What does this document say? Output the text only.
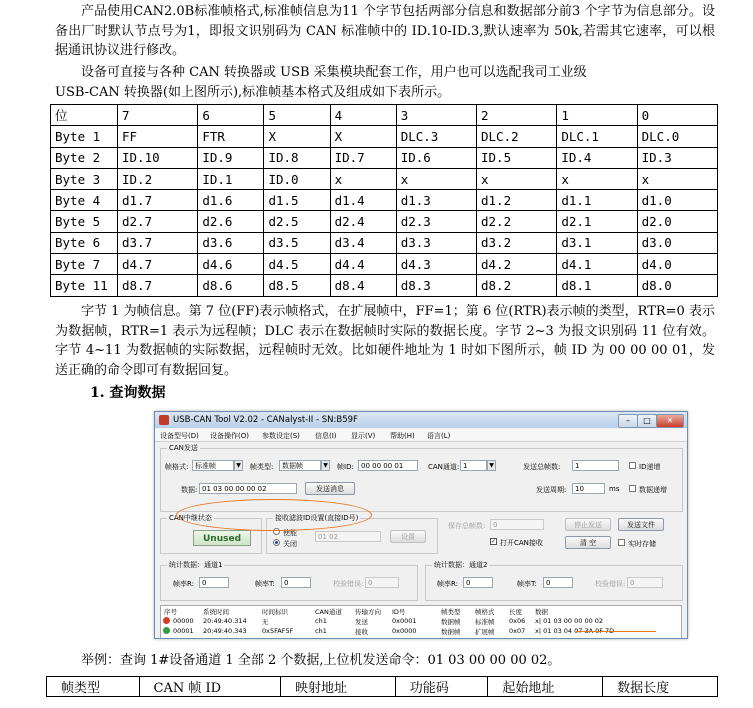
产品使用CAN2.0B标准帧格式,标准帧信息为11 个字节包括两部分信息和数据部分前3 个字节为信息部分。设备出厂时默认节点号为1，即报文识别码为 CAN 标准帧中的 ID.10-ID.3,默认速率为 50k,若需其它速率，可以根据通讯协议进行修改。

设备可直接与各种 CAN 转换器或 USB 采集模块配套工作，用户也可以选配我司工业级
USB-CAN 转换器(如上图所示),标准帧基本格式及组成如下表所示。
位	7	6	5	4	3	2	1	0
Byte 1	FF	FTR	X	X	DLC.3	DLC.2	DLC.1	DLC.0
Byte 2	ID.10	ID.9	ID.8	ID.7	ID.6	ID.5	ID.4	ID.3
Byte 3	ID.2	ID.1	ID.0	x	x	x	x	x
Byte 4	d1.7	d1.6	d1.5	d1.4	d1.3	d1.2	d1.1	d1.0
Byte 5	d2.7	d2.6	d2.5	d2.4	d2.3	d2.2	d2.1	d2.0
Byte 6	d3.7	d3.6	d3.5	d3.4	d3.3	d3.2	d3.1	d3.0
Byte 7	d4.7	d4.6	d4.5	d4.4	d4.3	d4.2	d4.1	d4.0
Byte 11	d8.7	d8.6	d8.5	d8.4	d8.3	d8.2	d8.1	d8.0

字节 1 为帧信息。第 7 位(FF)表示帧格式，在扩展帧中，FF=1；第 6 位(RTR)表示帧的类型，RTR=0 表示为数据帧，RTR=1 表示为远程帧；DLC 表示在数据帧时实际的数据长度。字节 2~3 为报文识别码 11 位有效。字节 4~11 为数据帧的实际数据，远程帧时无效。比如硬件地址为 1 时如下图所示，帧 ID 为 00 00 00 01，发送正确的命令即可有数据回复。

1. 查询数据

USB-CAN Tool V2.02 - CANalyst-II - SN:B59F	–	□	✕
设备型号(D) 设备操作(O) 参数设定(S) 信息(I) 显示(V) 帮助(H) 语言(L)
CAN发送
帧格式: 标准帧	▼	帧类型:	数据帧	▼	帧ID:	00 00 00 01	CAN通道: 1	▼	发送总帧数:	1	ID递增
数据: 01 03 00 00 00 02	发送消息	发送周期:	10	ms	数据递增
CAN中继状态
Unused
接收滤波ID设置(直接ID号)
使能
关闭
01 02	设置
保存总帧数:	0	停止发送	发送文件
✓ 打开CAN接收	清 空	实时存储
统计数据：通道1
帧率R:	0	帧率T:	0	校验错误: 0
统计数据：通道2
帧率R:	0	帧率T:	0	校验错误: 0
序号	系统时间	时间标识	CAN通道 传输方向 ID号	帧类型 帧格式 长度 数据
00000 20:49:40.314 无	ch1	发送	0x0001	数据帧 标准帧 0x06 x| 01 03 00 00 00 02
00001 20:49:40.343 0x5FAF5F	ch1	接收	0x0000	数据帧 扩展帧 0x07 x| 01 03 04 07 3A 0F 7D

举例：查询 1#设备通道 1 全部 2 个数据,上位机发送命令：01 03 00 00 00 02。

帧类型	CAN 帧 ID	映射地址	功能码	起始地址	数据长度
